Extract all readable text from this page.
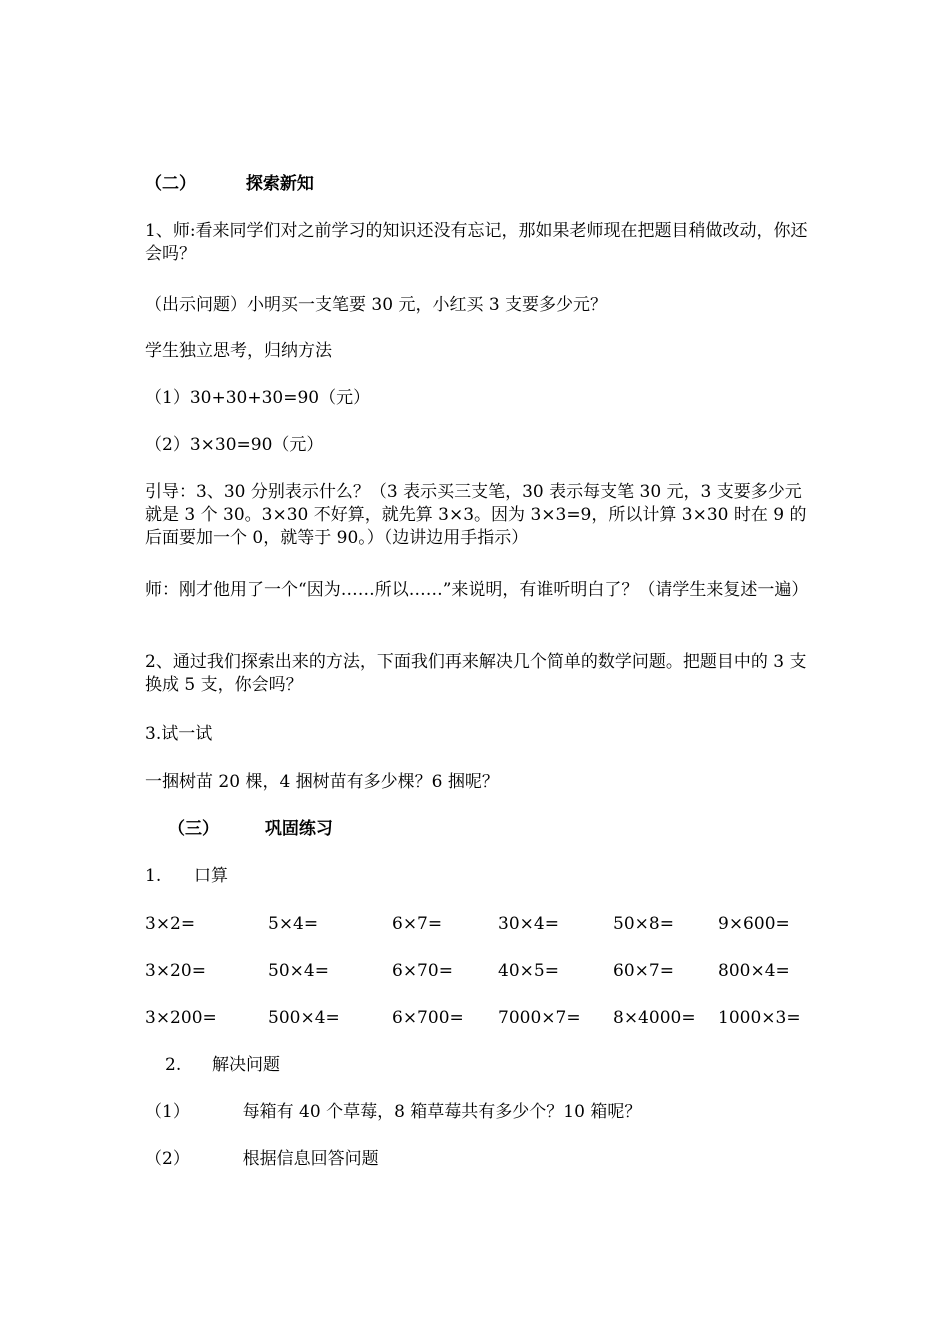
（二）	探索新知
1、师:看来同学们对之前学习的知识还没有忘记，那如果老师现在把题目稍做改动，你还会吗？
（出示问题）小明买一支笔要 30 元，小红买 3 支要多少元？
学生独立思考，归纳方法
（1）30+30+30=90（元）
（2）3×30=90（元）
引导：3、30 分别表示什么？（3 表示买三支笔，30 表示每支笔 30 元，3 支要多少元就是 3 个 30。3×30 不好算，就先算 3×3。因为 3×3=9，所以计算 3×30 时在 9 的后面要加一个 0，就等于 90。）（边讲边用手指示）
师：刚才他用了一个“因为……所以……”来说明，有谁听明白了？（请学生来复述一遍）
2、通过我们探索出来的方法，下面我们再来解决几个简单的数学问题。把题目中的 3 支换成 5 支，你会吗？
3.试一试
一捆树苗 20 棵，4 捆树苗有多少棵？6 捆呢？
（三）	巩固练习
1. 口算
3×2=	5×4=	6×7=	30×4=	50×8=	9×600=
3×20=	50×4=	6×70=	40×5=	60×7=	800×4=
3×200=	500×4=	6×700= 7000×7= 8×4000= 1000×3=
2. 解决问题
（1）	每箱有 40 个草莓，8 箱草莓共有多少个？10 箱呢？
（2）	根据信息回答问题
